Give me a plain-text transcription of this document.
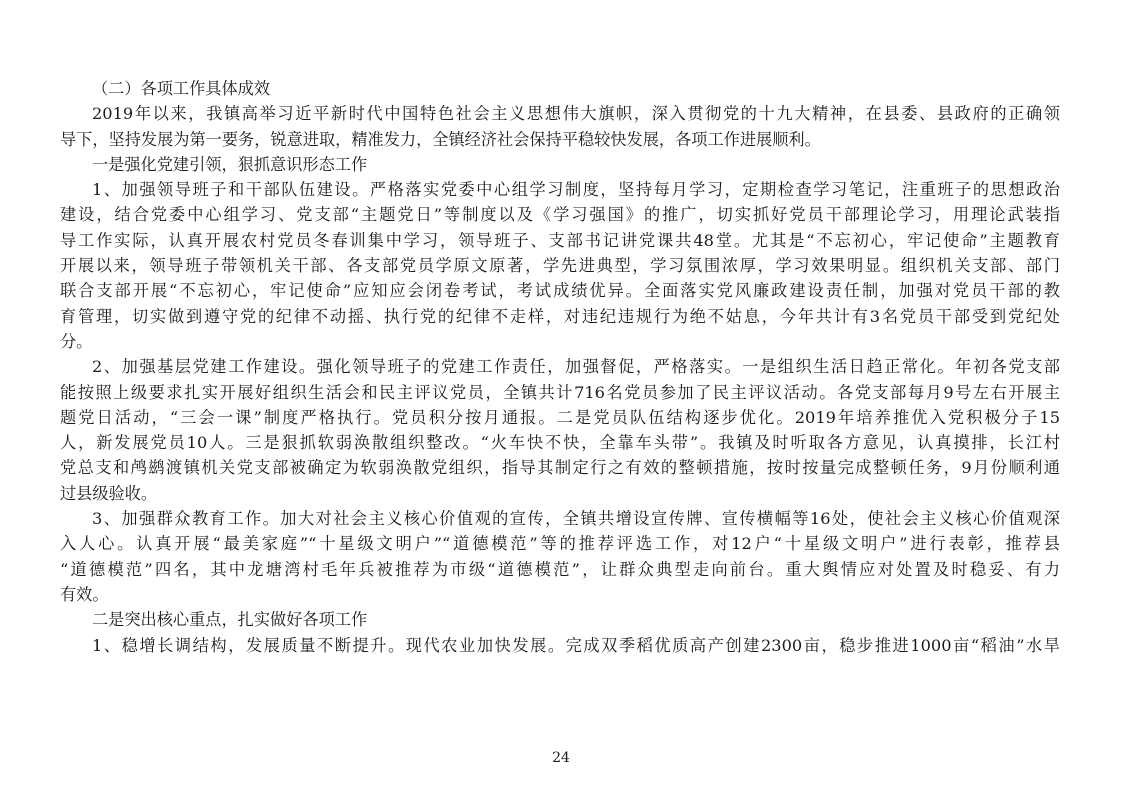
（二）各项工作具体成效
2019年以来，我镇高举习近平新时代中国特色社会主义思想伟大旗帜，深入贯彻党的十九大精神，在县委、县政府的正确领
导下，坚持发展为第一要务，锐意进取，精准发力，全镇经济社会保持平稳较快发展，各项工作进展顺利。
一是强化党建引领，狠抓意识形态工作
1、加强领导班子和干部队伍建设。严格落实党委中心组学习制度，坚持每月学习，定期检查学习笔记，注重班子的思想政治
建设，结合党委中心组学习、党支部“主题党日”等制度以及《学习强国》的推广，切实抓好党员干部理论学习，用理论武装指
导工作实际，认真开展农村党员冬春训集中学习，领导班子、支部书记讲党课共48堂。尤其是“不忘初心，牢记使命”主题教育
开展以来，领导班子带领机关干部、各支部党员学原文原著，学先进典型，学习氛围浓厚，学习效果明显。组织机关支部、部门
联合支部开展“不忘初心，牢记使命”应知应会闭卷考试，考试成绩优异。全面落实党风廉政建设责任制，加强对党员干部的教
育管理，切实做到遵守党的纪律不动摇、执行党的纪律不走样，对违纪违规行为绝不姑息，今年共计有3名党员干部受到党纪处
分。
2、加强基层党建工作建设。强化领导班子的党建工作责任，加强督促，严格落实。一是组织生活日趋正常化。年初各党支部
能按照上级要求扎实开展好组织生活会和民主评议党员，全镇共计716名党员参加了民主评议活动。各党支部每月9号左右开展主
题党日活动，“三会一课”制度严格执行。党员积分按月通报。二是党员队伍结构逐步优化。2019年培养推优入党积极分子15
人，新发展党员10人。三是狠抓软弱涣散组织整改。“火车快不快，全靠车头带”。我镇及时听取各方意见，认真摸排，长江村
党总支和鸬鹚渡镇机关党支部被确定为软弱涣散党组织，指导其制定行之有效的整顿措施，按时按量完成整顿任务，9月份顺利通
过县级验收。
3、加强群众教育工作。加大对社会主义核心价值观的宣传，全镇共增设宣传牌、宣传横幅等16处，使社会主义核心价值观深
入人心。认真开展“最美家庭”“十星级文明户”“道德模范”等的推荐评选工作，对12户“十星级文明户”进行表彰，推荐县
“道德模范”四名，其中龙塘湾村毛年兵被推荐为市级“道德模范”，让群众典型走向前台。重大舆情应对处置及时稳妥、有力
有效。
二是突出核心重点，扎实做好各项工作
1、稳增长调结构，发展质量不断提升。现代农业加快发展。完成双季稻优质高产创建2300亩，稳步推进1000亩“稻油”水旱
24
